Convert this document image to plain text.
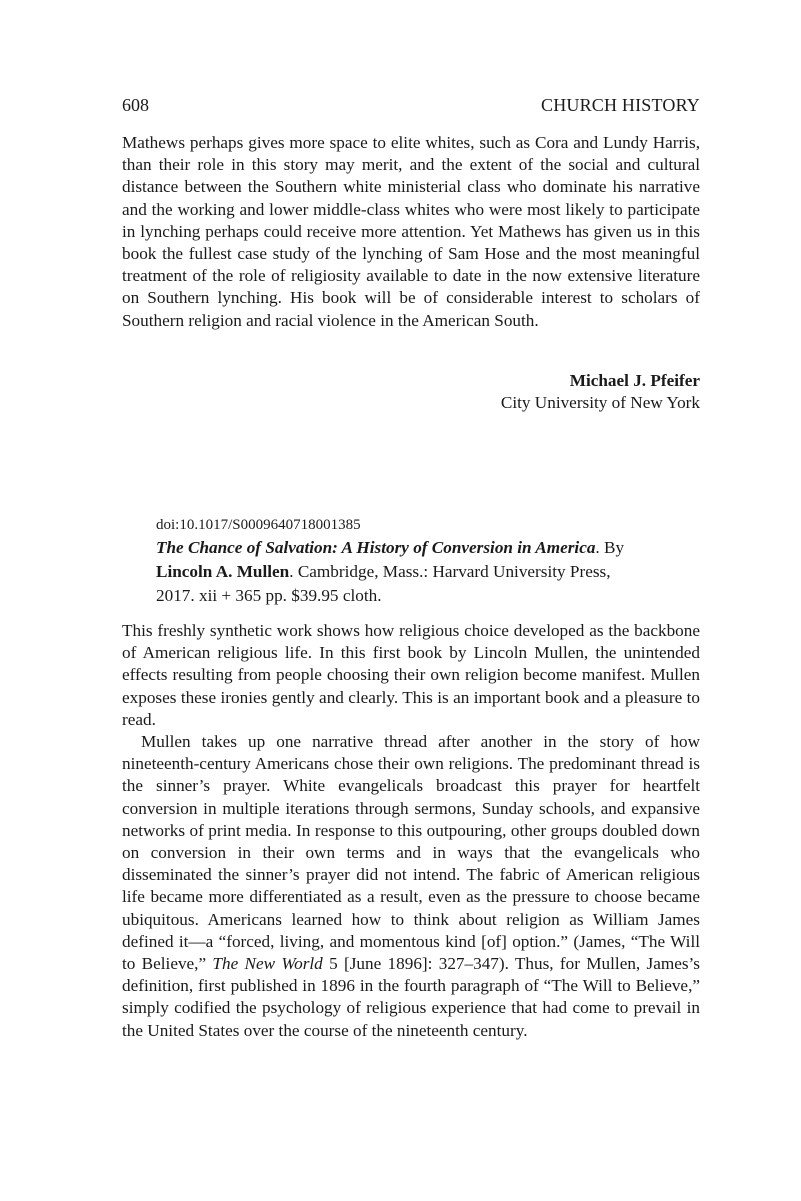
608	CHURCH HISTORY

Mathews perhaps gives more space to elite whites, such as Cora and Lundy Harris, than their role in this story may merit, and the extent of the social and cultural distance between the Southern white ministerial class who dominate his narrative and the working and lower middle-class whites who were most likely to participate in lynching perhaps could receive more attention. Yet Mathews has given us in this book the fullest case study of the lynching of Sam Hose and the most meaningful treatment of the role of religiosity available to date in the now extensive literature on Southern lynching. His book will be of considerable interest to scholars of Southern religion and racial violence in the American South.

Michael J. Pfeifer
City University of New York
doi:10.1017/S0009640718001385
The Chance of Salvation: A History of Conversion in America. By
Lincoln A. Mullen. Cambridge, Mass.: Harvard University Press,
2017. xii + 365 pp. $39.95 cloth.

This freshly synthetic work shows how religious choice developed as the backbone of American religious life. In this first book by Lincoln Mullen, the unintended effects resulting from people choosing their own religion become manifest. Mullen exposes these ironies gently and clearly. This is an important book and a pleasure to read.

Mullen takes up one narrative thread after another in the story of how nineteenth-century Americans chose their own religions. The predominant thread is the sinner’s prayer. White evangelicals broadcast this prayer for heartfelt conversion in multiple iterations through sermons, Sunday schools, and expansive networks of print media. In response to this outpouring, other groups doubled down on conversion in their own terms and in ways that the evangelicals who disseminated the sinner’s prayer did not intend. The fabric of American religious life became more differentiated as a result, even as the pressure to choose became ubiquitous. Americans learned how to think about religion as William James defined it—a “forced, living, and momentous kind [of] option.” (James, “The Will to Believe,” The New World 5 [June 1896]: 327–347). Thus, for Mullen, James’s definition, first published in 1896 in the fourth paragraph of “The Will to Believe,” simply codified the psychology of religious experience that had come to prevail in the United States over the course of the nineteenth century.
